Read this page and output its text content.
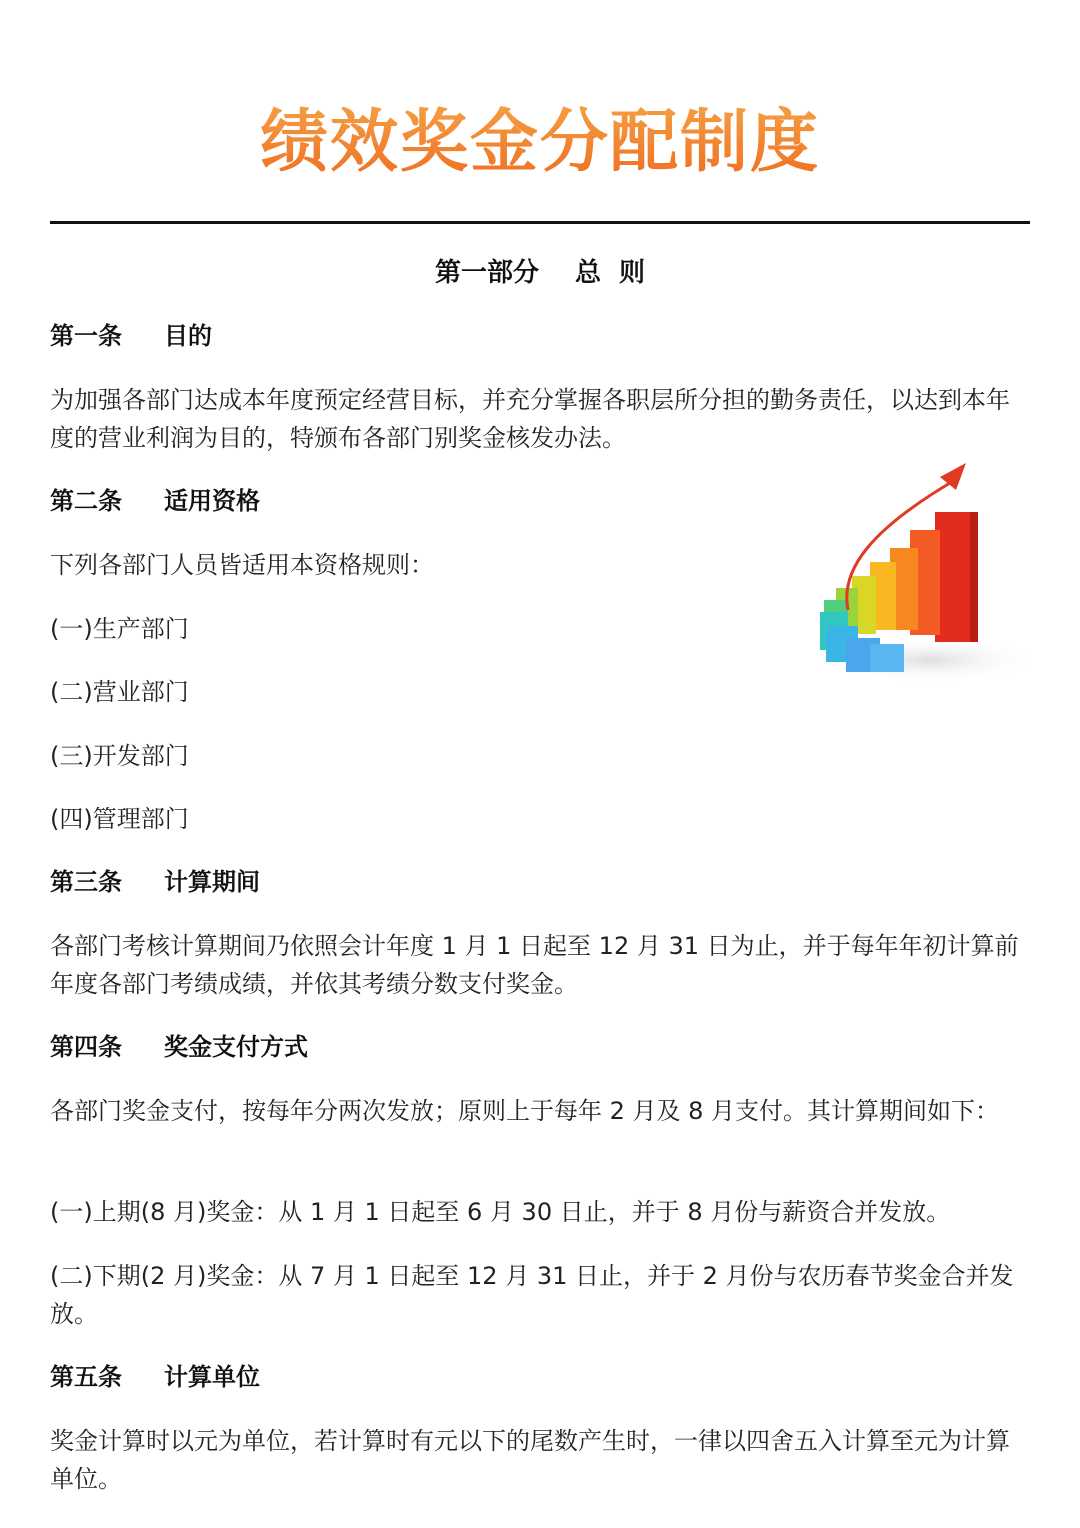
绩效奖金分配制度
第一部分 总  则
第一条 目的
为加强各部门达成本年度预定经营目标，并充分掌握各职层所分担的勤务责任，以达到本年度的营业利润为目的，特颁布各部门别奖金核发办法。
第二条 适用资格
下列各部门人员皆适用本资格规则：
(一)生产部门
(二)营业部门
(三)开发部门
(四)管理部门
第三条 计算期间
各部门考核计算期间乃依照会计年度 1 月 1 日起至 12 月 31 日为止，并于每年年初计算前年度各部门考绩成绩，并依其考绩分数支付奖金。
第四条 奖金支付方式
各部门奖金支付，按每年分两次发放；原则上于每年 2 月及 8 月支付。其计算期间如下：
(一)上期(8 月)奖金：从 1 月 1 日起至 6 月 30 日止，并于 8 月份与薪资合并发放。
(二)下期(2 月)奖金：从 7 月 1 日起至 12 月 31 日止，并于 2 月份与农历春节奖金合并发放。
第五条 计算单位
奖金计算时以元为单位，若计算时有元以下的尾数产生时，一律以四舍五入计算至元为计算单位。
